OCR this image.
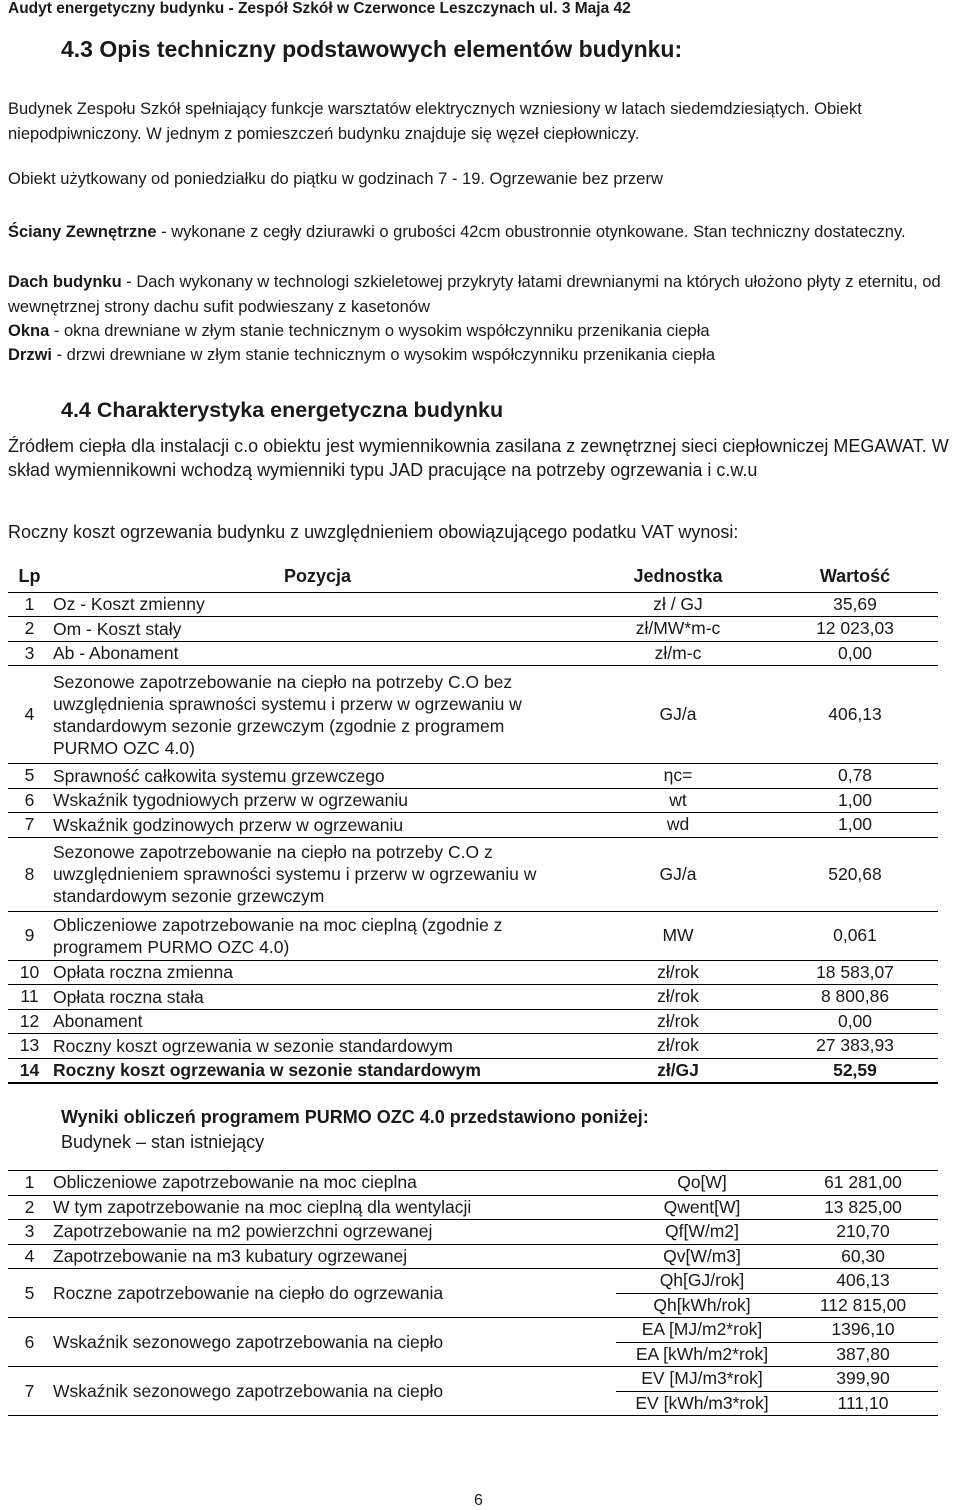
Audyt energetyczny budynku - Zespół Szkół w Czerwonce Leszczynach ul. 3 Maja 42
4.3 Opis techniczny podstawowych elementów budynku:

Budynek Zespołu Szkół spełniający funkcje warsztatów elektrycznych wzniesiony w latach siedemdziesiątych. Obiekt niepodpiwniczony. W jednym z pomieszczeń budynku znajduje się węzeł ciepłowniczy.

Obiekt użytkowany od poniedziałku do piątku w godzinach 7 - 19. Ogrzewanie bez przerw

Ściany Zewnętrzne - wykonane z cegły dziurawki o grubości 42cm obustronnie otynkowane. Stan techniczny dostateczny.

Dach budynku - Dach wykonany w technologi szkieletowej przykryty łatami drewnianymi na których ułożono płyty z eternitu, od wewnętrznej strony dachu sufit podwieszany z kasetonów

Okna - okna drewniane w złym stanie technicznym o wysokim współczynniku przenikania ciepła

Drzwi - drzwi drewniane w złym stanie technicznym o wysokim współczynniku przenikania ciepła

4.4 Charakterystyka energetyczna budynku

Źródłem ciepła dla instalacji c.o obiektu jest wymiennikownia zasilana z zewnętrznej sieci ciepłowniczej MEGAWAT. W skład wymiennikowni wchodzą wymienniki typu JAD pracujące na potrzeby ogrzewania i c.w.u

Roczny koszt ogrzewania budynku z uwzględnieniem obowiązującego podatku VAT wynosi:

Lp	Pozycja	Jednostka	Wartość
1	Oz - Koszt zmienny	zł / GJ	35,69
2	Om - Koszt stały	zł/MW*m-c	12 023,03
3	Ab - Abonament	zł/m-c	0,00
4	Sezonowe zapotrzebowanie na ciepło na potrzeby C.O bez uwzględnienia sprawności systemu i przerw w ogrzewaniu w standardowym sezonie grzewczym (zgodnie z programem PURMO OZC 4.0)	GJ/a	406,13
5	Sprawność całkowita systemu grzewczego	ηc=	0,78
6	Wskaźnik tygodniowych przerw w ogrzewaniu	wt	1,00
7	Wskaźnik godzinowych przerw w ogrzewaniu	wd	1,00
8	Sezonowe zapotrzebowanie na ciepło na potrzeby C.O z uwzględnieniem sprawności systemu i przerw w ogrzewaniu w standardowym sezonie grzewczym	GJ/a	520,68
9	Obliczeniowe zapotrzebowanie na moc cieplną (zgodnie z programem PURMO OZC 4.0)	MW	0,061
10	Opłata roczna zmienna	zł/rok	18 583,07
11	Opłata roczna stała	zł/rok	8 800,86
12	Abonament	zł/rok	0,00
13	Roczny koszt ogrzewania w sezonie standardowym	zł/rok	27 383,93
14	Roczny koszt ogrzewania w sezonie standardowym	zł/GJ	52,59
Wyniki obliczeń programem PURMO OZC 4.0 przedstawiono poniżej:
Budynek – stan istniejący
1	Obliczeniowe zapotrzebowanie na moc cieplna	Qo[W]	61 281,00
2	W tym zapotrzebowanie na moc cieplną dla wentylacji	Qwent[W]	13 825,00
3	Zapotrzebowanie na m2 powierzchni ogrzewanej	Qf[W/m2]	210,70
4	Zapotrzebowanie na m3 kubatury ogrzewanej	Qv[W/m3]	60,30
5	Roczne zapotrzebowanie na ciepło do ogrzewania	Qh[GJ/rok]	406,13
		Qh[kWh/rok]	112 815,00
6	Wskaźnik sezonowego zapotrzebowania na ciepło	EA [MJ/m2*rok]	1396,10
		EA [kWh/m2*rok]	387,80
7	Wskaźnik sezonowego zapotrzebowania na ciepło	EV [MJ/m3*rok]	399,90
		EV [kWh/m3*rok]	111,10
6
